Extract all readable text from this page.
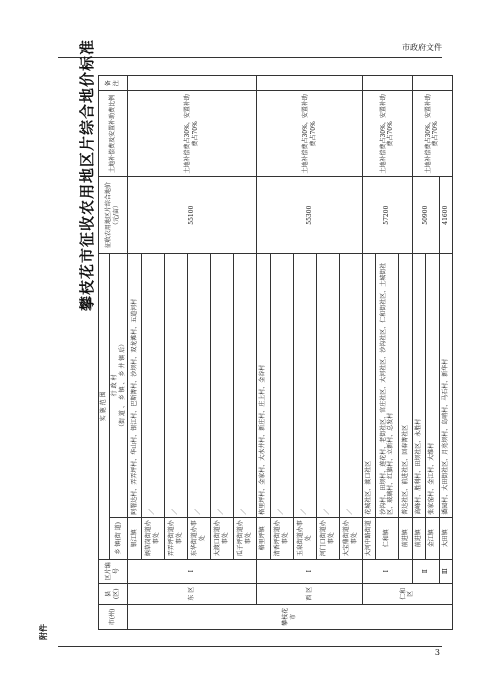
市政府文件
附件
攀枝花市征收农用地区片综合地价标准
市(州)	县(区)	区片编号	实 施 范 围		征收农用地区片综合地价（元/亩）	土地补偿费及安置补助费比例	备注
			乡 镇(街 道)	行 政 村
（街 道 、 乡 镇 、 乡 井 镇 后）			
攀枝花市	东 区	Ⅰ	银江镇	阿署达村、弄弄坪村、华山村、银江村、巴斯箐村、沙坝村、双龙滩村、五道河村	55100	土地补偿费占30%，安置补助费占70%	
			炳草岗街道办事处	／			
			弄弄坪街道办事处	／			
			东华街道办事处	／			
			大渡口街道办事处	／			
			瓜子坪街道办事处	／			
	西 区	Ⅰ	格里坪镇	格里坪村、金家村、大水井村、新庄村、庄上村、金谷村	55300	土地补偿费占30%，安置补助费占70%	
			清香坪街道办事处	／			
			玉泉街道办事处	／			
			河门口街道办事处	／			
			大宝鼎街道办事处	／			
	仁和区	Ⅰ	大河中路街道	花城社区、渡口社区	57200	土地补偿费占30%，安置补助费占70%	
			仁和镇	沙沟村、田坝村、莲花村、老街社区、官庄社区、大河社区、沙沟社区、仁和街社区、土城街社区、玻璃村、红旗村、立新村、总发村			
			前进镇	普达社区、前进社区、回春箐社区			
		Ⅱ	前进镇	高峰村、胜利村、田坝社区、永胜村	50900	土地补偿费占30%，安置补助费占70%	
			金江镇	张家窑村、金江村、大维村			
		Ⅲ	大田镇	潘园村、大田街社区、月亮坝村、岛哨村、马石村、新华村	41600		
3
